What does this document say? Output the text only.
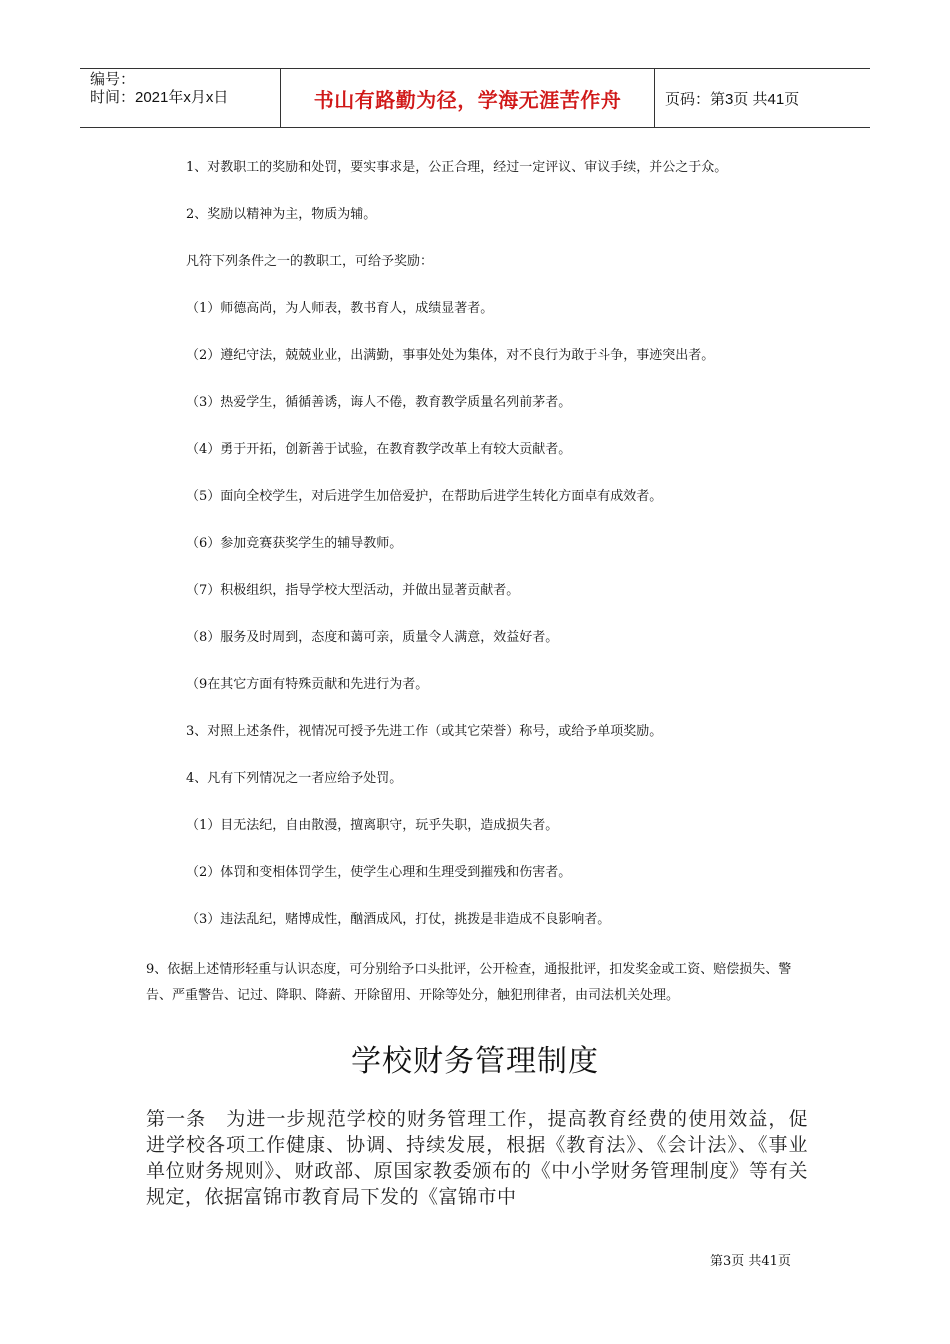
编号：
时间：2021年x月x日	书山有路勤为径，学海无涯苦作舟	页码：第3页 共41页
1、对教职工的奖励和处罚，要实事求是，公正合理，经过一定评议、审议手续，并公之于众。
2、奖励以精神为主，物质为辅。
凡符下列条件之一的教职工，可给予奖励：
（1）师德高尚，为人师表，教书育人，成绩显著者。
（2）遵纪守法，兢兢业业，出满勤，事事处处为集体，对不良行为敢于斗争，事迹突出者。
（3）热爱学生，循循善诱，诲人不倦，教育教学质量名列前茅者。
（4）勇于开拓，创新善于试验，在教育教学改革上有较大贡献者。
（5）面向全校学生，对后进学生加倍爱护，在帮助后进学生转化方面卓有成效者。
（6）参加竞赛获奖学生的辅导教师。
（7）积极组织，指导学校大型活动，并做出显著贡献者。
（8）服务及时周到，态度和蔼可亲，质量令人满意，效益好者。
（9在其它方面有特殊贡献和先进行为者。
3、对照上述条件，视情况可授予先进工作（或其它荣誉）称号，或给予单项奖励。
4、凡有下列情况之一者应给予处罚。
（1）目无法纪，自由散漫，擅离职守，玩乎失职，造成损失者。
（2）体罚和变相体罚学生，使学生心理和生理受到摧残和伤害者。
（3）违法乱纪，赌博成性，酗酒成风，打仗，挑拨是非造成不良影响者。
9、依据上述情形轻重与认识态度，可分别给予口头批评，公开检查，通报批评，扣发奖金或工资、赔偿损失、警告、严重警告、记过、降职、降薪、开除留用、开除等处分，触犯刑律者，由司法机关处理。
学校财务管理制度
第一条　为进一步规范学校的财务管理工作，提高教育经费的使用效益，促进学校各项工作健康、协调、持续发展，根据《教育法》、《会计法》、《事业单位财务规则》、财政部、原国家教委颁布的《中小学财务管理制度》等有关规定，依据富锦市教育局下发的《富锦市中
第3页 共41页
